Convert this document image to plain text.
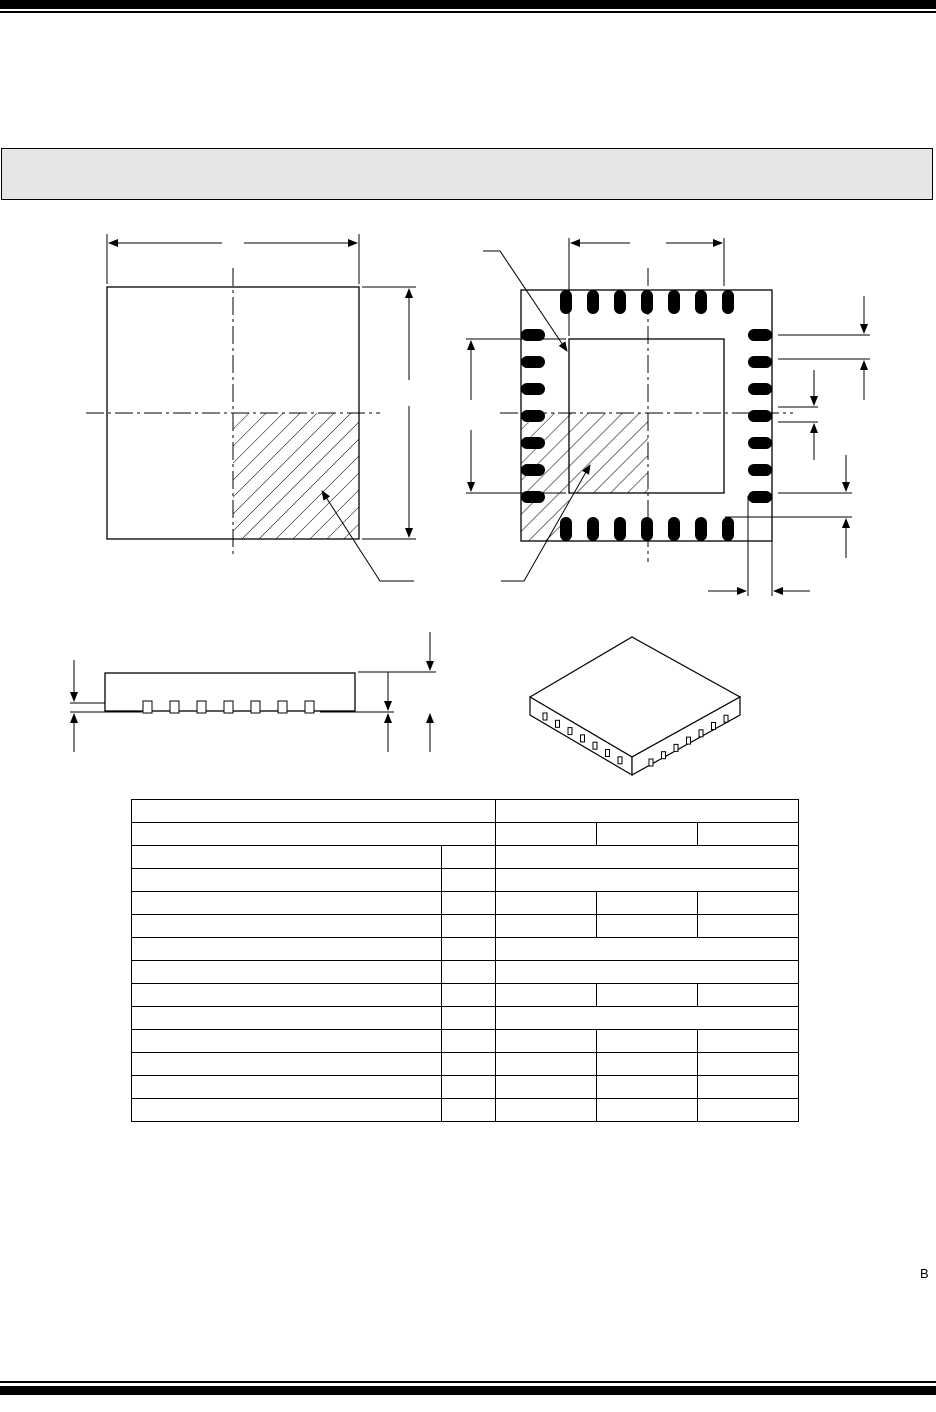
B
